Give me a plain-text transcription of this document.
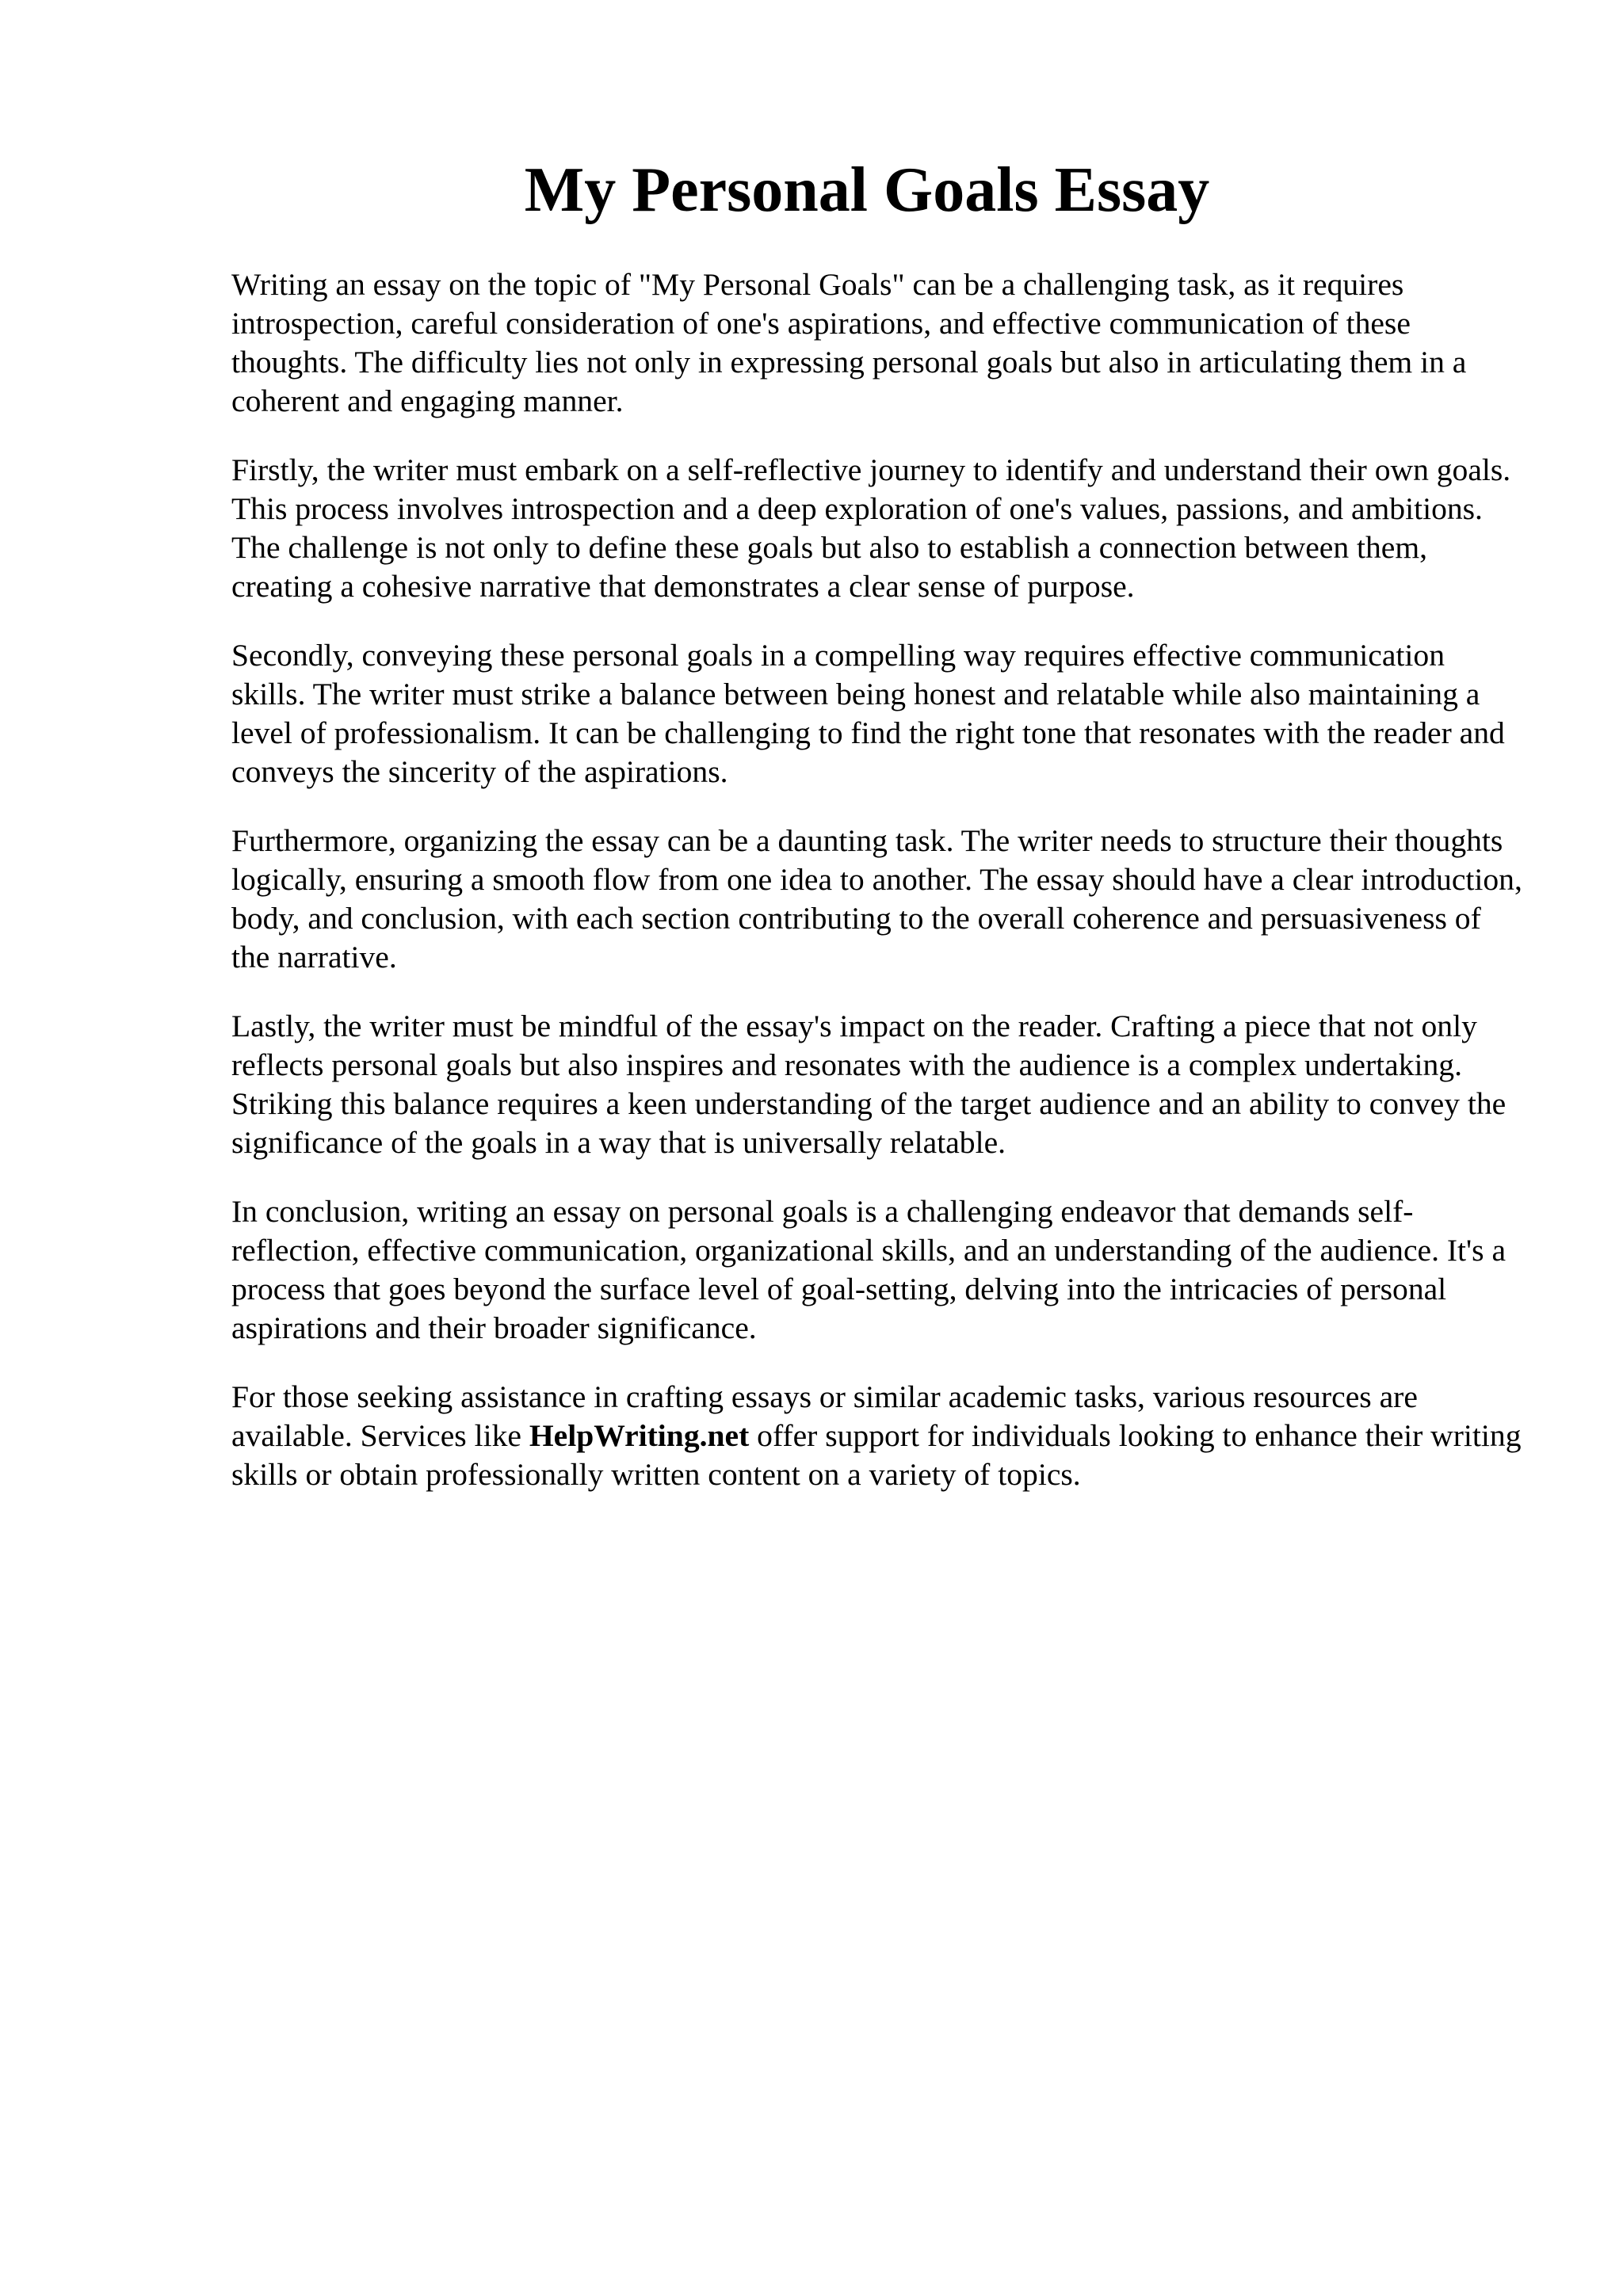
My Personal Goals Essay

Writing an essay on the topic of "My Personal Goals" can be a challenging task, as it requires introspection, careful consideration of one's aspirations, and effective communication of these thoughts. The difficulty lies not only in expressing personal goals but also in articulating them in a coherent and engaging manner.

Firstly, the writer must embark on a self-reflective journey to identify and understand their own goals. This process involves introspection and a deep exploration of one's values, passions, and ambitions. The challenge is not only to define these goals but also to establish a connection between them, creating a cohesive narrative that demonstrates a clear sense of purpose.

Secondly, conveying these personal goals in a compelling way requires effective communication skills. The writer must strike a balance between being honest and relatable while also maintaining a level of professionalism. It can be challenging to find the right tone that resonates with the reader and conveys the sincerity of the aspirations.

Furthermore, organizing the essay can be a daunting task. The writer needs to structure their thoughts logically, ensuring a smooth flow from one idea to another. The essay should have a clear introduction, body, and conclusion, with each section contributing to the overall coherence and persuasiveness of the narrative.

Lastly, the writer must be mindful of the essay's impact on the reader. Crafting a piece that not only reflects personal goals but also inspires and resonates with the audience is a complex undertaking. Striking this balance requires a keen understanding of the target audience and an ability to convey the significance of the goals in a way that is universally relatable.

In conclusion, writing an essay on personal goals is a challenging endeavor that demands self-reflection, effective communication, organizational skills, and an understanding of the audience. It's a process that goes beyond the surface level of goal-setting, delving into the intricacies of personal aspirations and their broader significance.

For those seeking assistance in crafting essays or similar academic tasks, various resources are available. Services like HelpWriting.net offer support for individuals looking to enhance their writing skills or obtain professionally written content on a variety of topics.
